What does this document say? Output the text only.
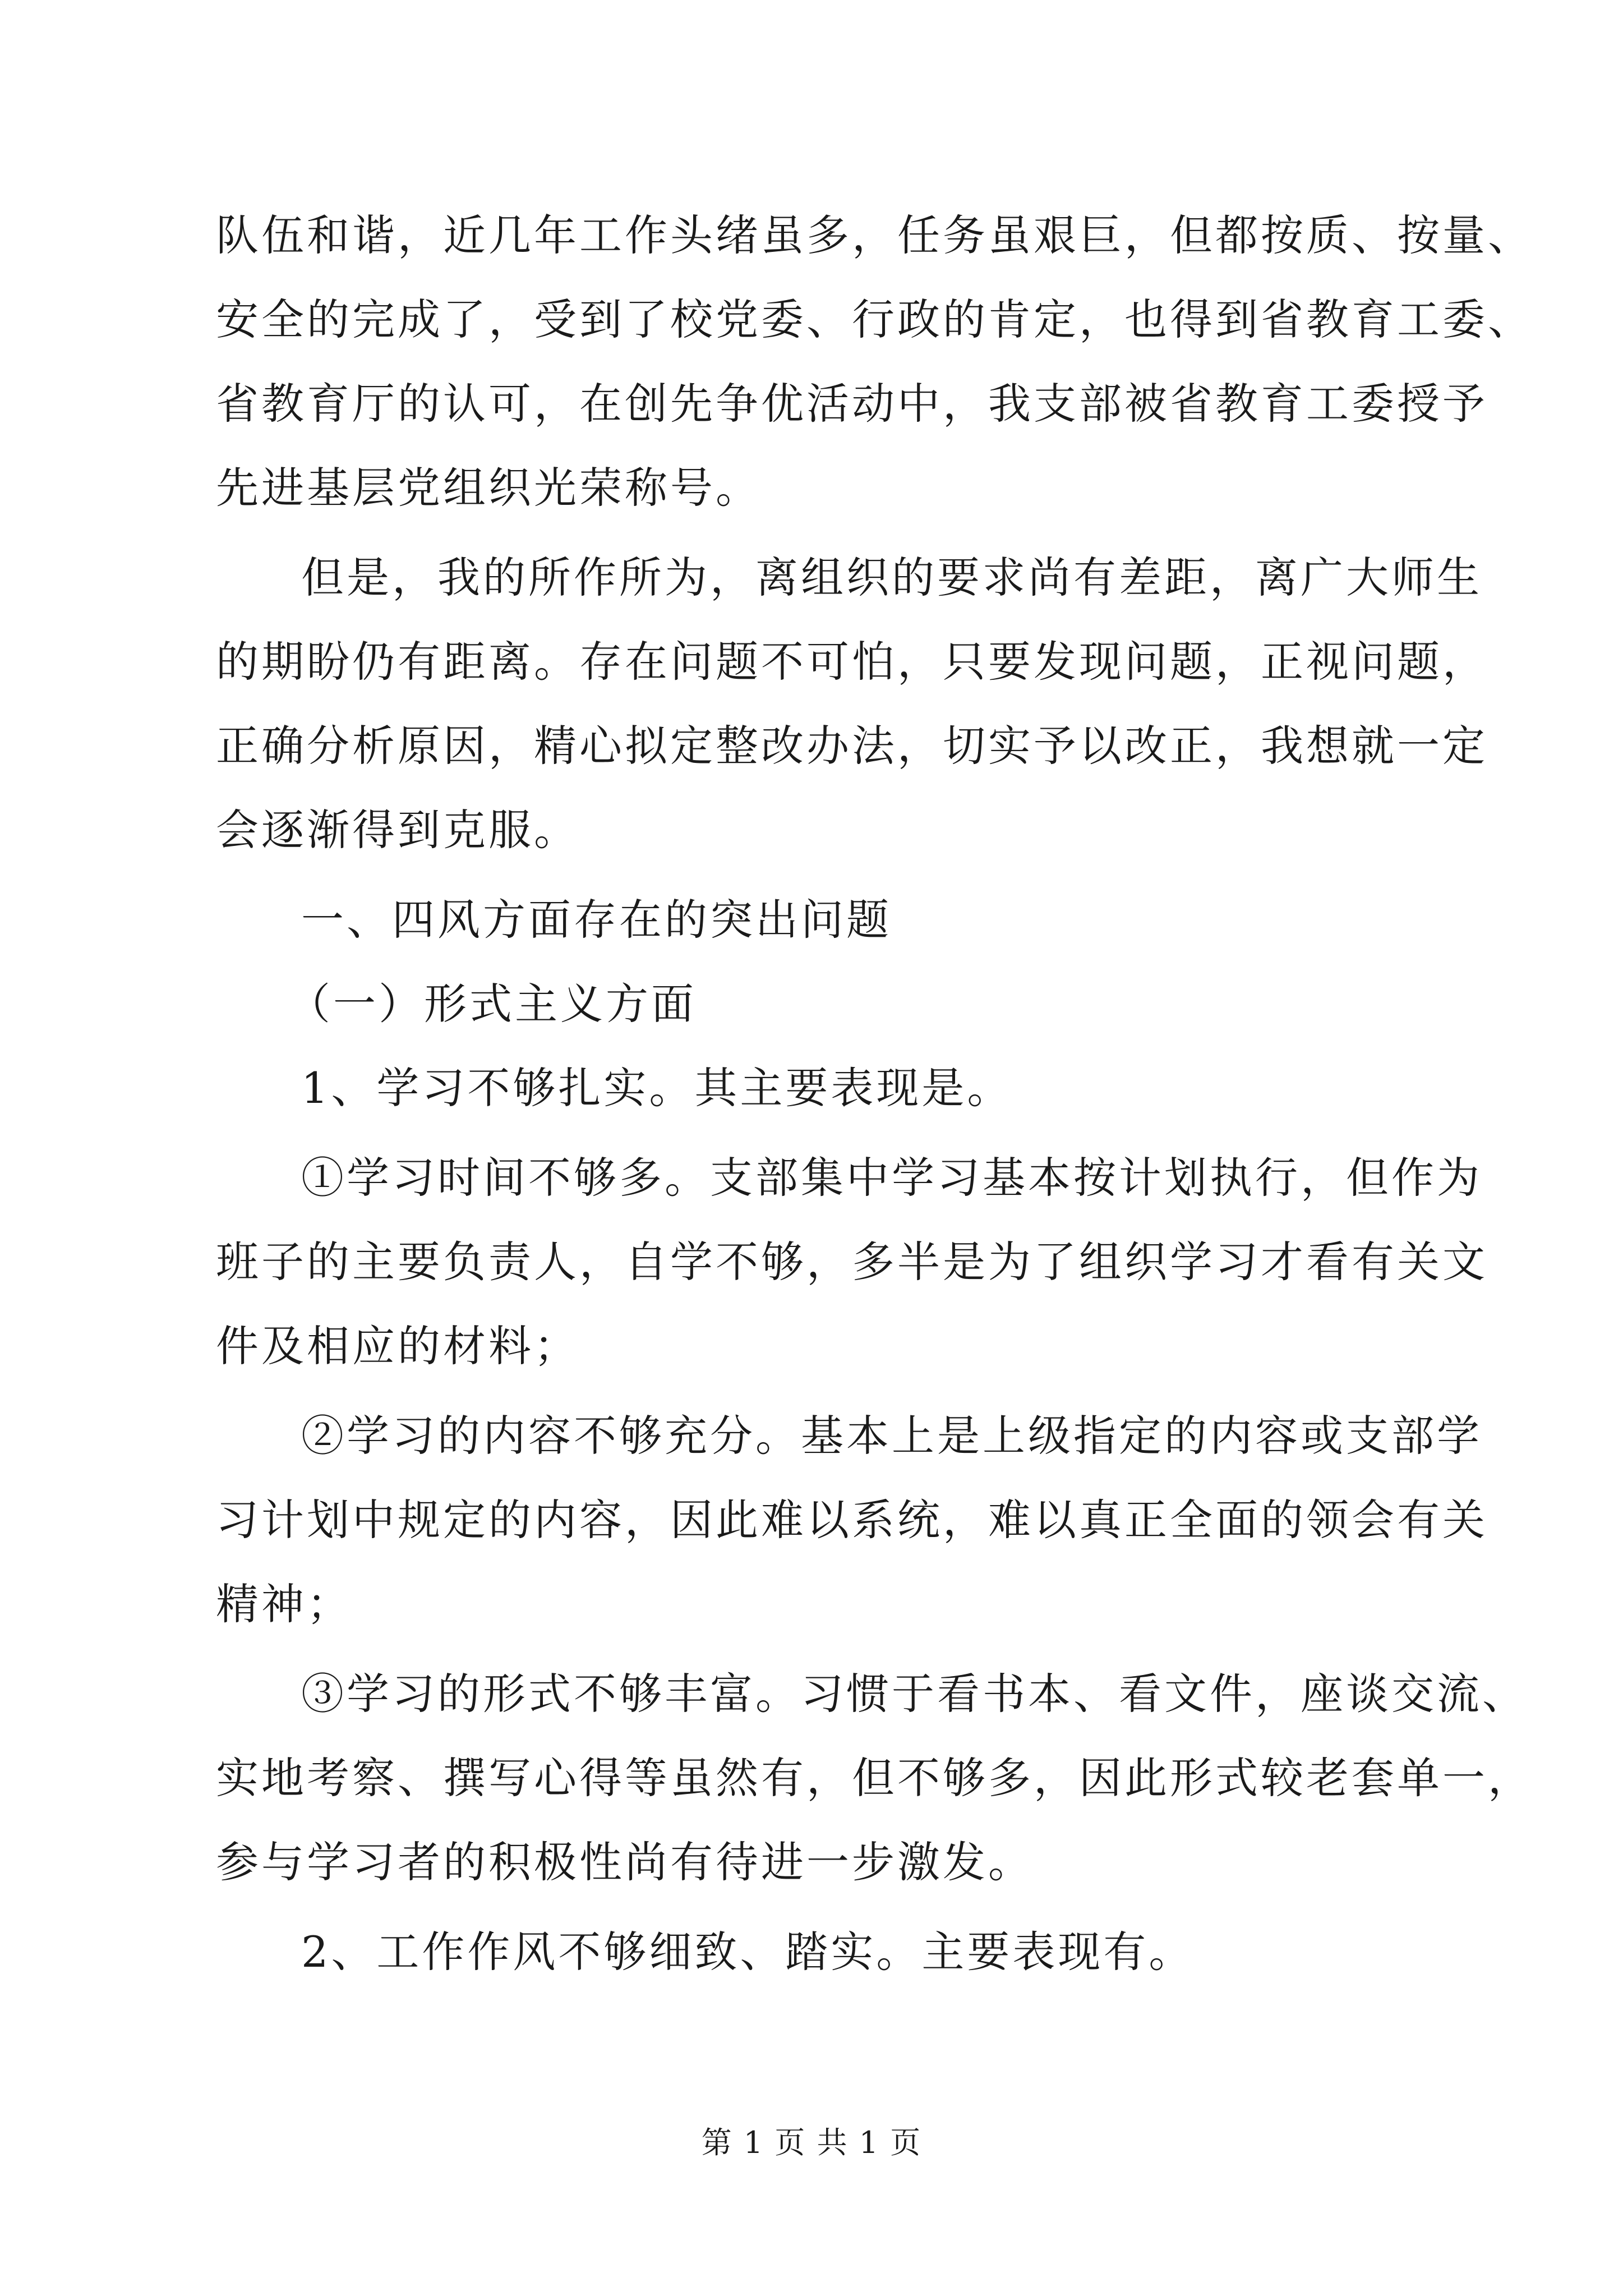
队伍和谐，近几年工作头绪虽多，任务虽艰巨，但都按质、按量、
安全的完成了，受到了校党委、行政的肯定，也得到省教育工委、
省教育厅的认可，在创先争优活动中，我支部被省教育工委授予
先进基层党组织光荣称号。
但是，我的所作所为，离组织的要求尚有差距，离广大师生
的期盼仍有距离。存在问题不可怕，只要发现问题，正视问题，
正确分析原因，精心拟定整改办法，切实予以改正，我想就一定
会逐渐得到克服。
一、四风方面存在的突出问题
（一）形式主义方面
1、学习不够扎实。其主要表现是。
①学习时间不够多。支部集中学习基本按计划执行，但作为
班子的主要负责人，自学不够，多半是为了组织学习才看有关文
件及相应的材料；
②学习的内容不够充分。基本上是上级指定的内容或支部学
习计划中规定的内容，因此难以系统，难以真正全面的领会有关
精神；
③学习的形式不够丰富。习惯于看书本、看文件，座谈交流、
实地考察、撰写心得等虽然有，但不够多，因此形式较老套单一，
参与学习者的积极性尚有待进一步激发。
2、工作作风不够细致、踏实。主要表现有。
第 1 页 共 1 页
